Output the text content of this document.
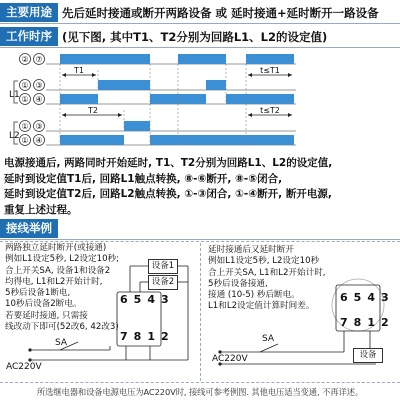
主要用途 先后延时接通或断开两路设备 或 延时接通+延时断开一路设备
工作时序 (见下图, 其中T1、T2分别为回路L1、L2的设定值)
② ⑦
① ③
① ④
① ③
① ④
L1
L2
T1	t≤T1
T2	t≤T2
电源接通后, 两路同时开始延时, T1、T2分别为回路L1、L2的设定值,
延时到设定值T1后, 回路L1触点转换, ⑧-⑥断开, ⑧-⑤闭合,
延时到设定值T2后, 回路L2触点转换, ①-③闭合, ①-④断开, 断开电源,
重复上述过程。
接线举例
两路独立延时断开(或接通)
例如L1设定5秒, L2设定10秒;
合上开关SA, 设备1和设备2
均得电, L1和L2开始计时,
5秒后设备1断电,
10秒后设备2断电。
若要延时接通, 只需接
线改动下即可(52改6, 42改3)
延时接通后又延时断开
例如L1设定5秒, L2设定10秒
合上开关SA, L1和L2开始计时,
5秒后设备接通,
接通 (10-5) 秒后断电。
L1和L2设定值计算时间差。
设备1
设备2
6 5 4 3
7 8 1 2
SA
AC220V
6 5 4 3
7 8 1 2
设备
SA
AC220V
所选继电器和设备电源电压为AC220V时, 接线可参考例图. 其他电压适当变通, 不再详述。
